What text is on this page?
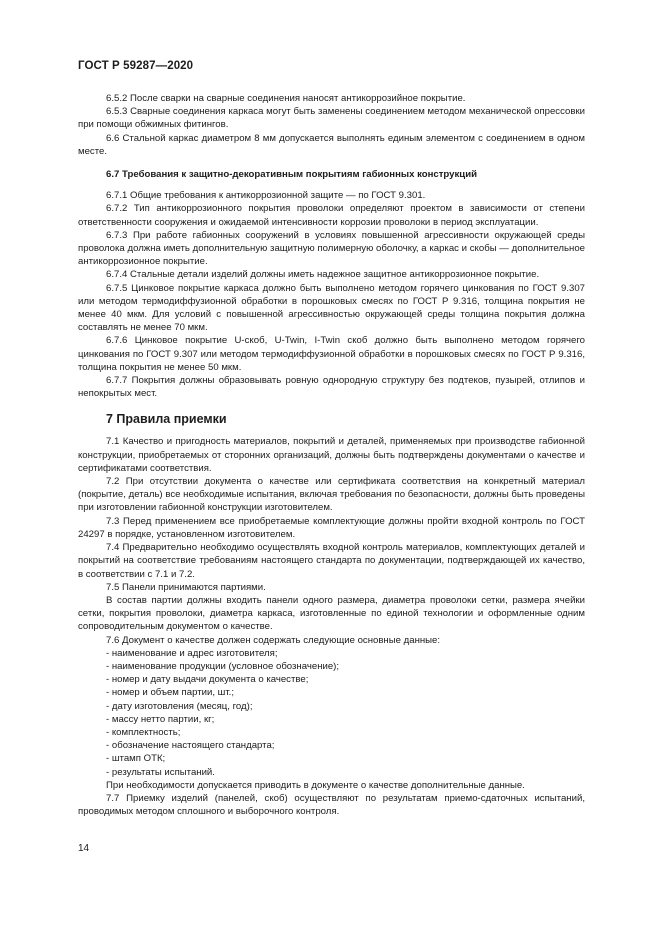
ГОСТ Р 59287—2020

6.5.2 После сварки на сварные соединения наносят антикоррозийное покрытие.

6.5.3 Сварные соединения каркаса могут быть заменены соединением методом механической опрессовки при помощи обжимных фитингов.

6.6 Стальной каркас диаметром 8 мм допускается выполнять единым элементом с соединением в одном месте.

6.7 Требования к защитно-декоративным покрытиям габионных конструкций

6.7.1 Общие требования к антикоррозионной защите — по ГОСТ 9.301.

6.7.2 Тип антикоррозионного покрытия проволоки определяют проектом в зависимости от степени ответственности сооружения и ожидаемой интенсивности коррозии проволоки в период эксплуатации.

6.7.3 При работе габионных сооружений в условиях повышенной агрессивности окружающей среды проволока должна иметь дополнительную защитную полимерную оболочку, а каркас и скобы — дополнительное антикоррозионное покрытие.

6.7.4 Стальные детали изделий должны иметь надежное защитное антикоррозионное покрытие.

6.7.5 Цинковое покрытие каркаса должно быть выполнено методом горячего цинкования по ГОСТ 9.307 или методом термодиффузионной обработки в порошковых смесях по ГОСТ Р 9.316, толщина покрытия не менее 40 мкм. Для условий с повышенной агрессивностью окружающей среды толщина покрытия должна составлять не менее 70 мкм.

6.7.6 Цинковое покрытие U-скоб, U-Twin, I-Twin скоб должно быть выполнено методом горячего цинкования по ГОСТ 9.307 или методом термодиффузионной обработки в порошковых смесях по ГОСТ Р 9.316, толщина покрытия не менее 50 мкм.

6.7.7 Покрытия должны образовывать ровную однородную структуру без подтеков, пузырей, отлипов и непокрытых мест.

7 Правила приемки

7.1 Качество и пригодность материалов, покрытий и деталей, применяемых при производстве габионной конструкции, приобретаемых от сторонних организаций, должны быть подтверждены документами о качестве и сертификатами соответствия.

7.2 При отсутствии документа о качестве или сертификата соответствия на конкретный материал (покрытие, деталь) все необходимые испытания, включая требования по безопасности, должны быть проведены при изготовлении габионной конструкции изготовителем.

7.3 Перед применением все приобретаемые комплектующие должны пройти входной контроль по ГОСТ 24297 в порядке, установленном изготовителем.

7.4 Предварительно необходимо осуществлять входной контроль материалов, комплектующих деталей и покрытий на соответствие требованиям настоящего стандарта по документации, подтверждающей их качество, в соответствии с 7.1 и 7.2.

7.5 Панели принимаются партиями.

В состав партии должны входить панели одного размера, диаметра проволоки сетки, размера ячейки сетки, покрытия проволоки, диаметра каркаса, изготовленные по единой технологии и оформленные одним сопроводительным документом о качестве.

7.6 Документ о качестве должен содержать следующие основные данные:

- наименование и адрес изготовителя;
- наименование продукции (условное обозначение);
- номер и дату выдачи документа о качестве;
- номер и объем партии, шт.;
- дату изготовления (месяц, год);
- массу нетто партии, кг;
- комплектность;
- обозначение настоящего стандарта;
- штамп ОТК;
- результаты испытаний.

При необходимости допускается приводить в документе о качестве дополнительные данные.

7.7 Приемку изделий (панелей, скоб) осуществляют по результатам приемо-сдаточных испытаний, проводимых методом сплошного и выборочного контроля.

14
